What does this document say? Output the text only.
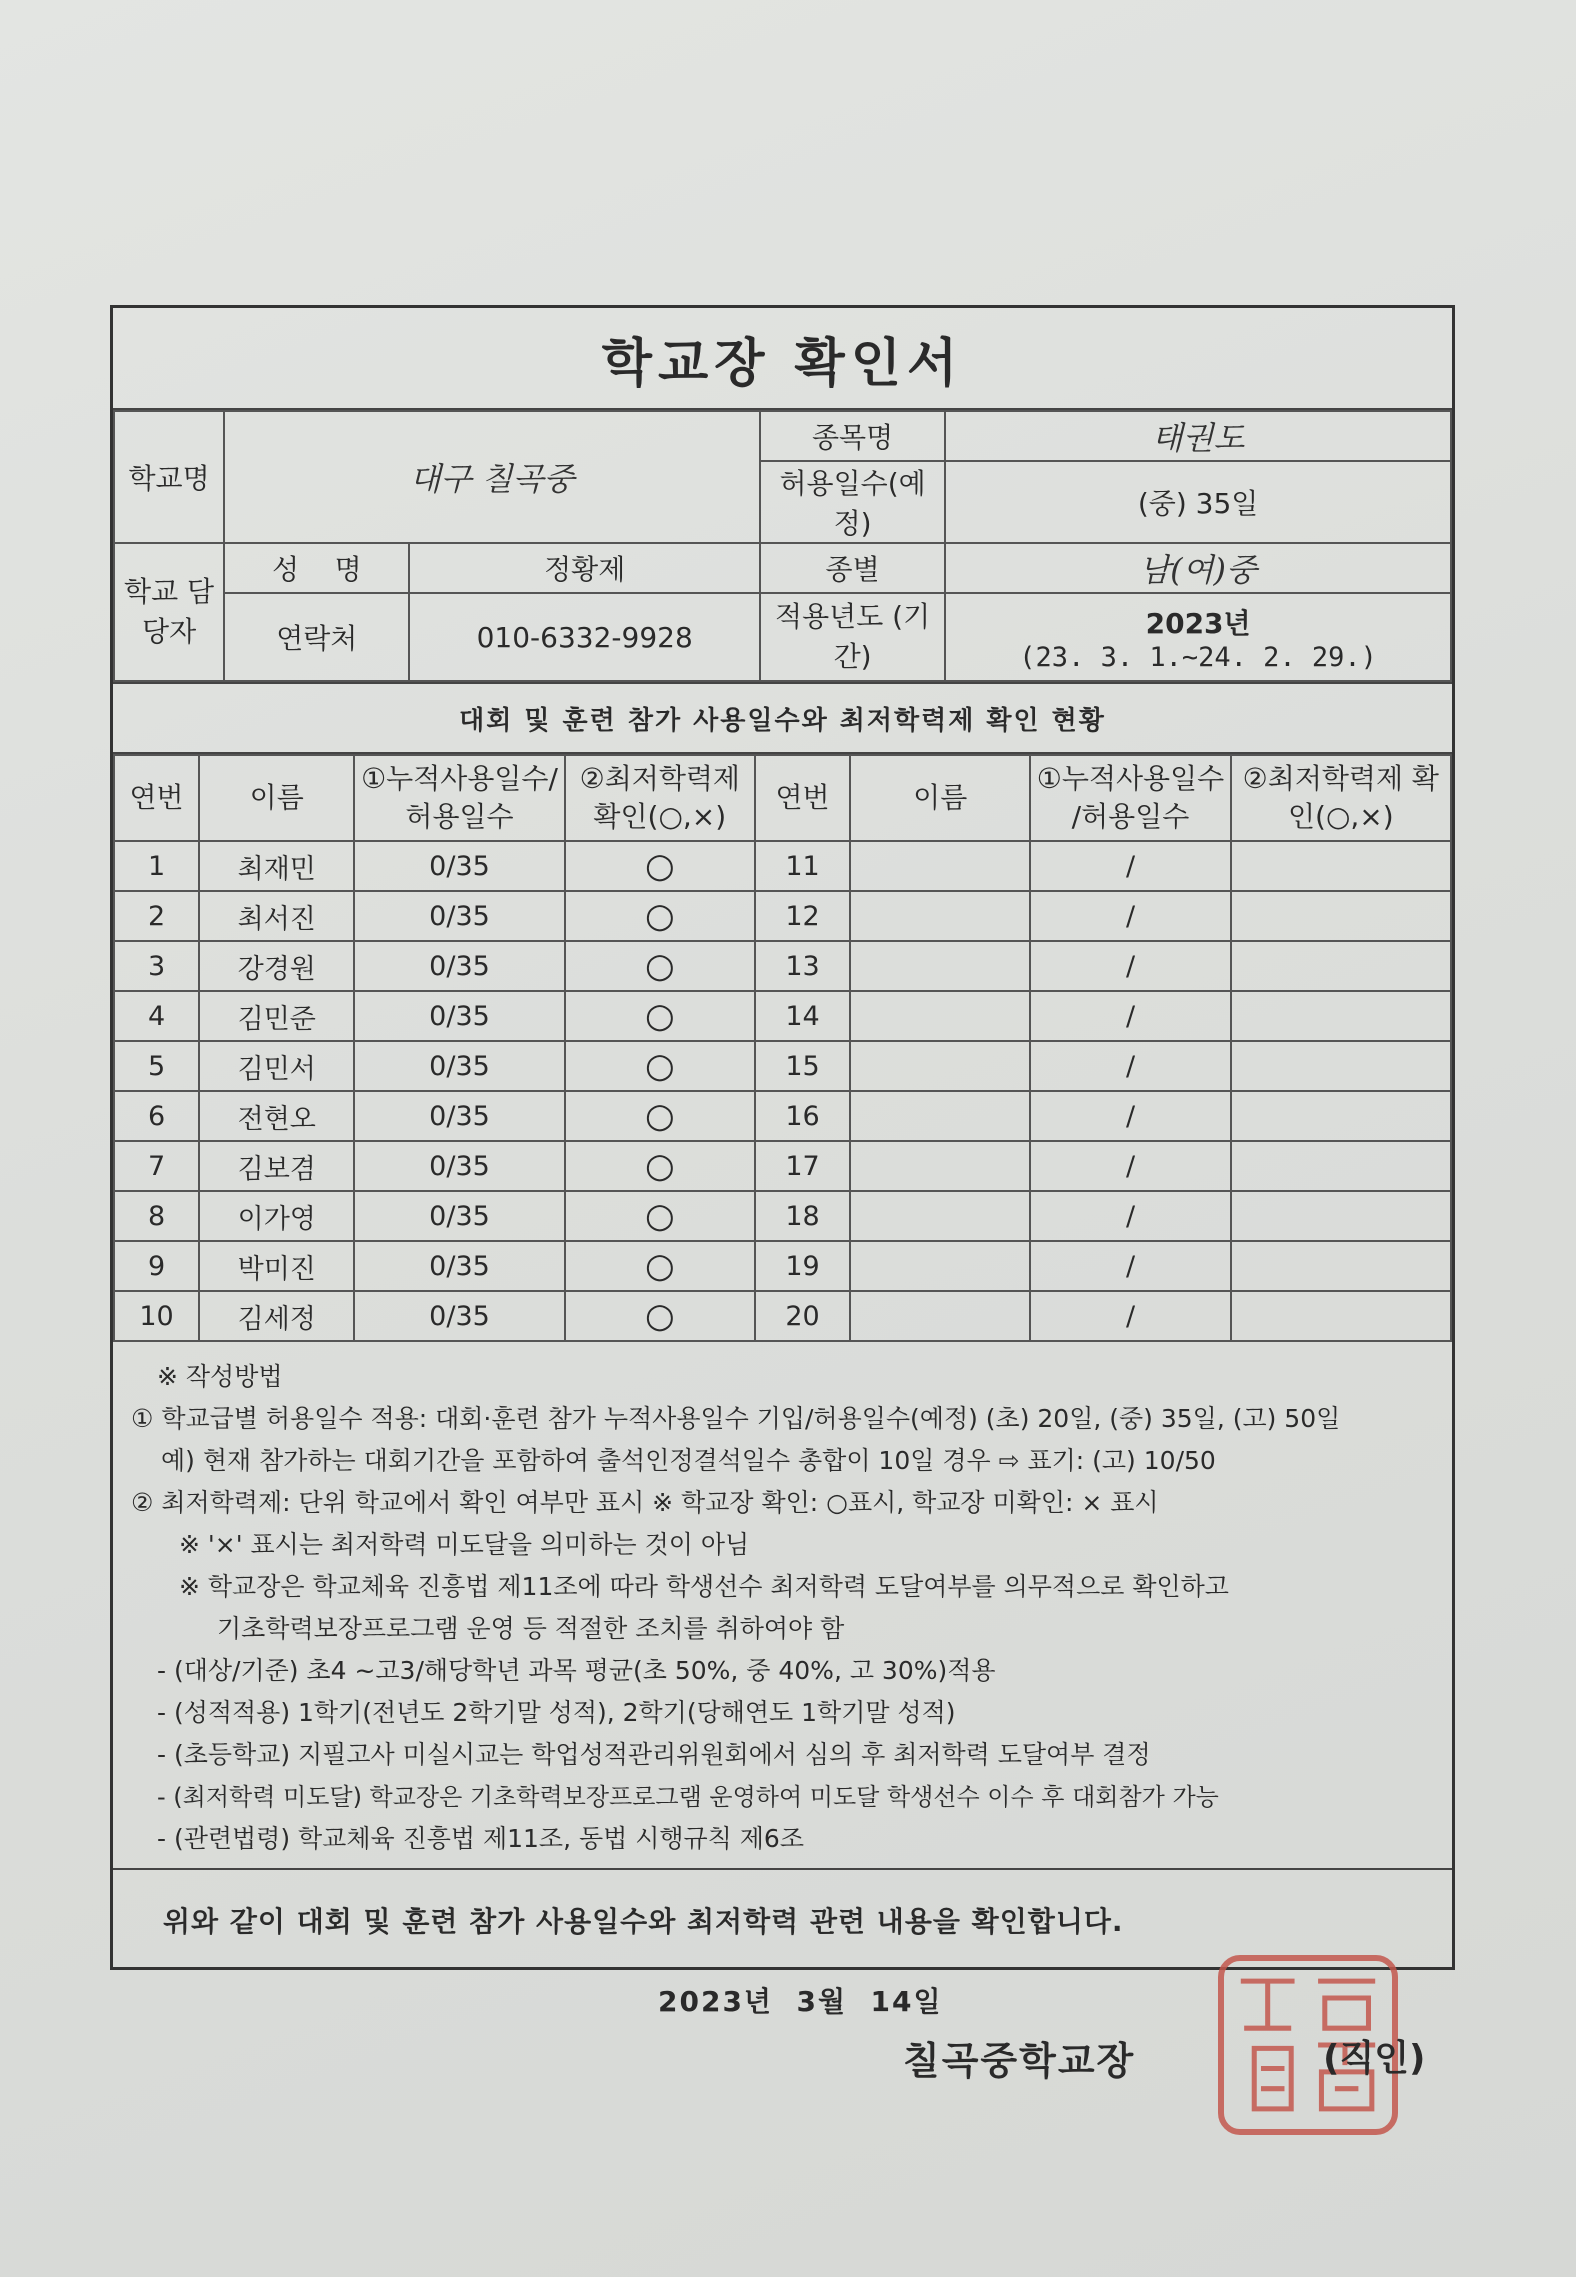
학교장 확인서
학교명	대구 칠곡중		종목명	태권도
			허용일수(예정)	(중) 35일
학교 담당자	성    명	정황제	종별	남(여)중
	연락처	010-6332-9928	적용년도 (기간)	2023년
(23. 3. 1.~24. 2. 29.)
대회 및 훈련 참가 사용일수와 최저학력제 확인 현황
연번	이름	①누적사용일수/ 허용일수	②최저학력제 확인(○,×)	연번	이름	①누적사용일수 /허용일수	②최저학력제 확인(○,×)
1	최재민	0/35	○	11		/	
2	최서진	0/35	○	12		/	
3	강경원	0/35	○	13		/	
4	김민준	0/35	○	14		/	
5	김민서	0/35	○	15		/	
6	전현오	0/35	○	16		/	
7	김보겸	0/35	○	17		/	
8	이가영	0/35	○	18		/	
9	박미진	0/35	○	19		/	
10	김세정	0/35	○	20		/	
※ 작성방법
① 학교급별 허용일수 적용: 대회·훈련 참가 누적사용일수 기입/허용일수(예정) (초) 20일, (중) 35일, (고) 50일
예) 현재 참가하는 대회기간을 포함하여 출석인정결석일수 총합이 10일 경우 ⇨ 표기: (고) 10/50
② 최저학력제: 단위 학교에서 확인 여부만 표시 ※ 학교장 확인: ○표시, 학교장 미확인: × 표시
※ '×' 표시는 최저학력 미도달을 의미하는 것이 아님
※ 학교장은 학교체육 진흥법 제11조에 따라 학생선수 최저학력 도달여부를 의무적으로 확인하고
기초학력보장프로그램 운영 등 적절한 조치를 취하여야 함
- (대상/기준) 초4 ~고3/해당학년 과목 평균(초 50%, 중 40%, 고 30%)적용
- (성적적용) 1학기(전년도 2학기말 성적), 2학기(당해연도 1학기말 성적)
- (초등학교) 지필고사 미실시교는 학업성적관리위원회에서 심의 후 최저학력 도달여부 결정
- (최저학력 미도달) 학교장은 기초학력보장프로그램 운영하여 미도달 학생선수 이수 후 대회참가 가능
- (관련법령) 학교체육 진흥법 제11조, 동법 시행규칙 제6조
위와 같이 대회 및 훈련 참가 사용일수와 최저학력 관련 내용을 확인합니다.
2023년  3월  14일
칠곡중학교장	(직인)
